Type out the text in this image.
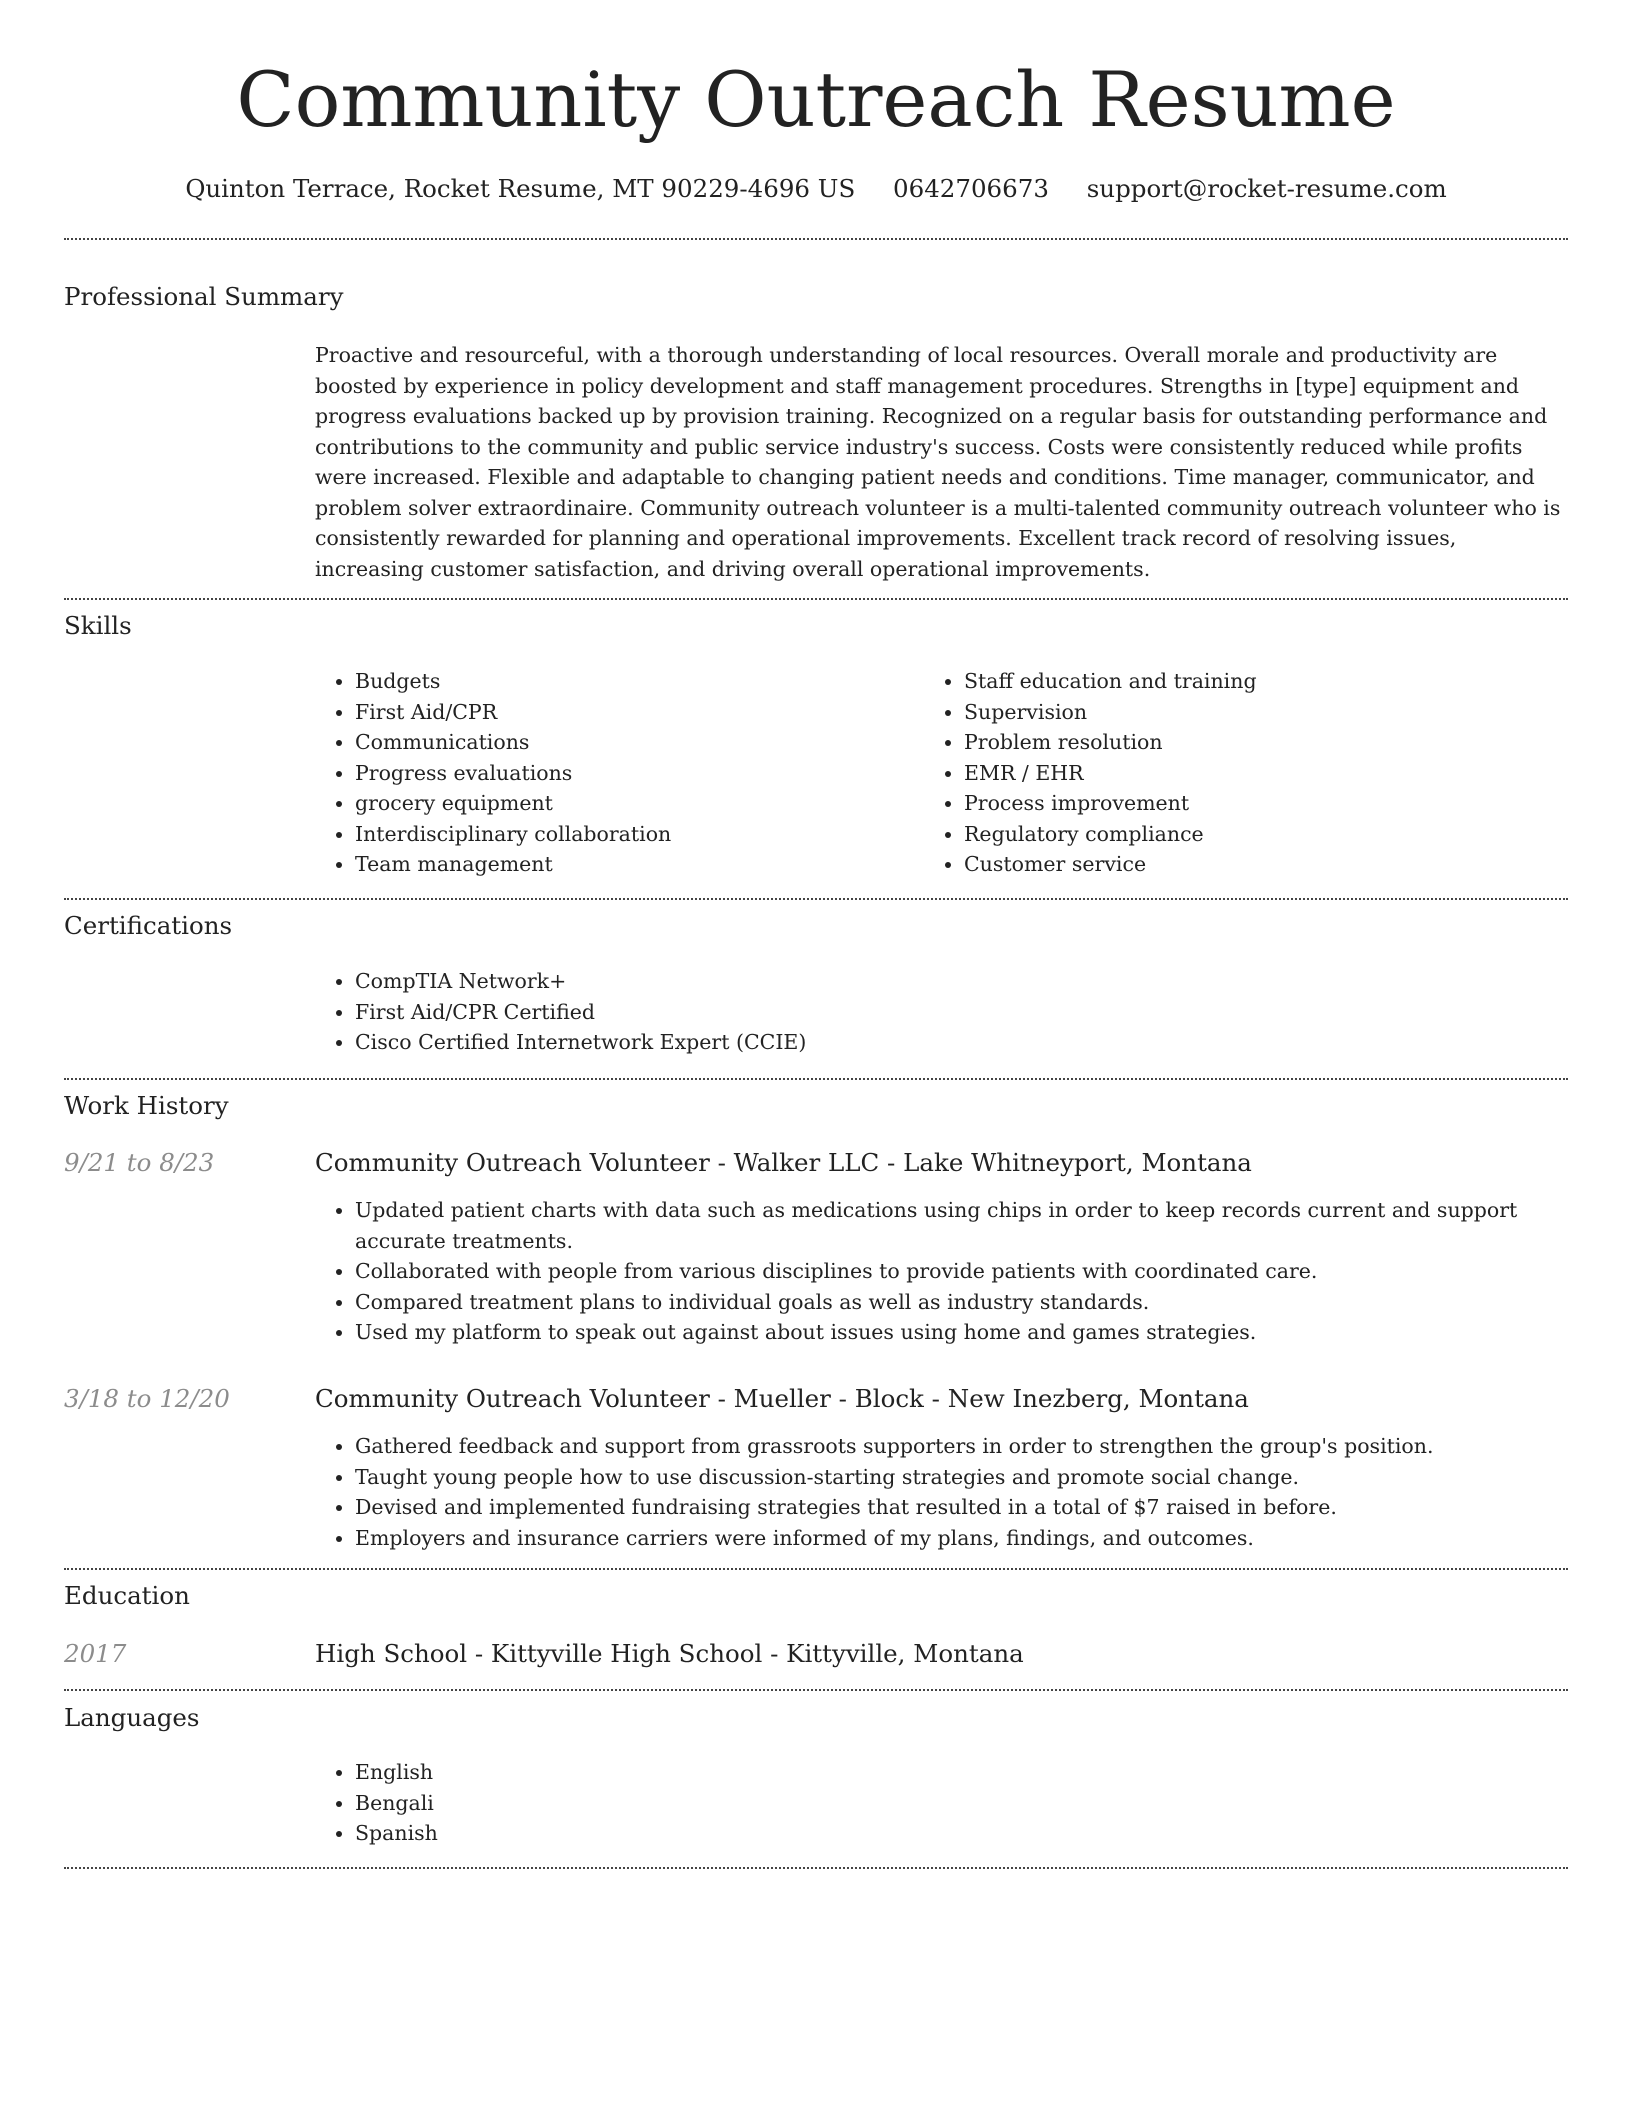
Community Outreach Resume
Quinton Terrace, Rocket Resume, MT 90229-4696 US 0642706673 support@rocket-resume.com
Professional Summary

Proactive and resourceful, with a thorough understanding of local resources. Overall morale and productivity are boosted by experience in policy development and staff management procedures. Strengths in [type] equipment and progress evaluations backed up by provision training. Recognized on a regular basis for outstanding performance and contributions to the community and public service industry's success. Costs were consistently reduced while profits were increased. Flexible and adaptable to changing patient needs and conditions. Time manager, communicator, and problem solver extraordinaire. Community outreach volunteer is a multi-talented community outreach volunteer who is consistently rewarded for planning and operational improvements. Excellent track record of resolving issues, increasing customer satisfaction, and driving overall operational improvements.

Skills
• Budgets
• First Aid/CPR
• Communications
• Progress evaluations
• grocery equipment
• Interdisciplinary collaboration
• Team management
• Staff education and training
• Supervision
• Problem resolution
• EMR / EHR
• Process improvement
• Regulatory compliance
• Customer service
Certifications
• CompTIA Network+
• First Aid/CPR Certified
• Cisco Certified Internetwork Expert (CCIE)
Work History
9/21 to 8/23	Community Outreach Volunteer - Walker LLC - Lake Whitneyport, Montana
• Updated patient charts with data such as medications using chips in order to keep records current and support accurate treatments.
• Collaborated with people from various disciplines to provide patients with coordinated care.
• Compared treatment plans to individual goals as well as industry standards.
• Used my platform to speak out against about issues using home and games strategies.
3/18 to 12/20	Community Outreach Volunteer - Mueller - Block - New Inezberg, Montana
• Gathered feedback and support from grassroots supporters in order to strengthen the group's position.
• Taught young people how to use discussion-starting strategies and promote social change.
• Devised and implemented fundraising strategies that resulted in a total of $7 raised in before.
• Employers and insurance carriers were informed of my plans, findings, and outcomes.
Education
2017	High School - Kittyville High School - Kittyville, Montana
Languages
• English
• Bengali
• Spanish
